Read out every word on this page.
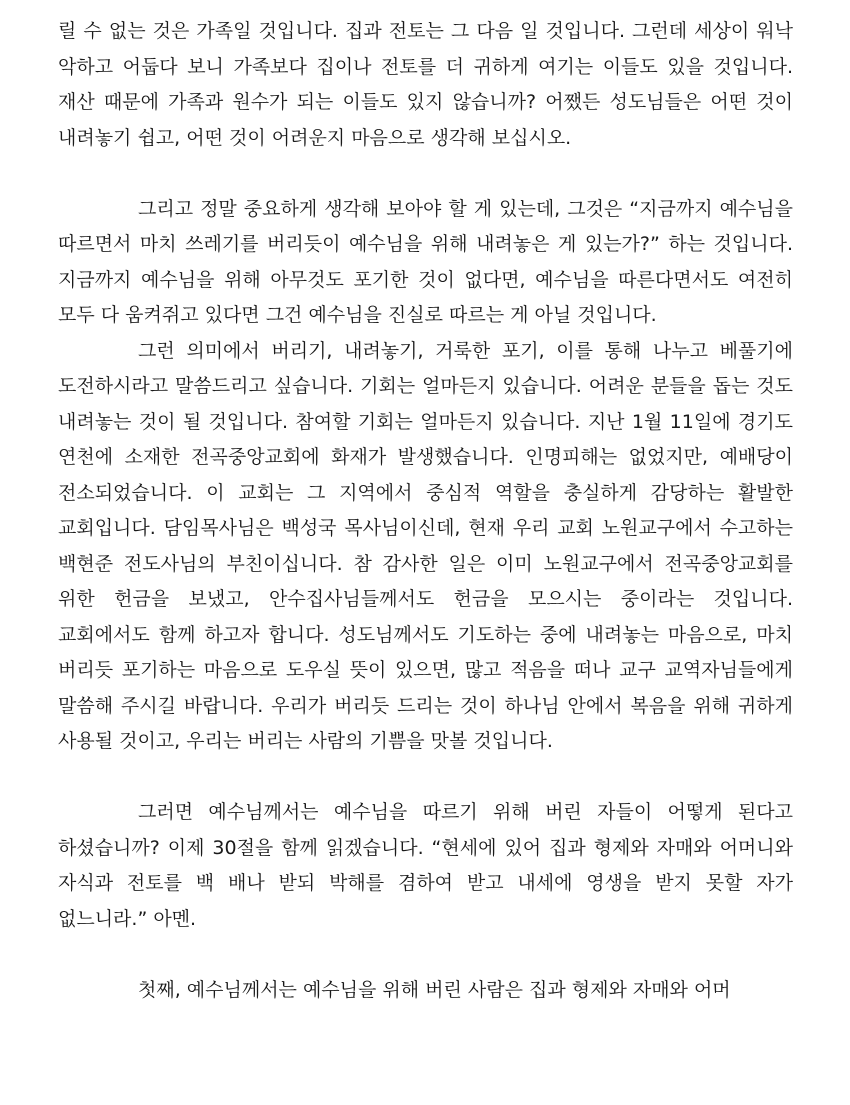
릴 수 없는 것은 가족일 것입니다. 집과 전토는 그 다음 일 것입니다. 그런데 세상이 워낙 악하고 어둡다 보니 가족보다 집이나 전토를 더 귀하게 여기는 이들도 있을 것입니다. 재산 때문에 가족과 원수가 되는 이들도 있지 않습니까? 어쨌든 성도님들은 어떤 것이 내려놓기 쉽고, 어떤 것이 어려운지 마음으로 생각해 보십시오.

그리고 정말 중요하게 생각해 보아야 할 게 있는데, 그것은 “지금까지 예수님을 따르면서 마치 쓰레기를 버리듯이 예수님을 위해 내려놓은 게 있는가?” 하는 것입니다. 지금까지 예수님을 위해 아무것도 포기한 것이 없다면, 예수님을 따른다면서도 여전히 모두 다 움켜쥐고 있다면 그건 예수님을 진실로 따르는 게 아닐 것입니다.

그런 의미에서 버리기, 내려놓기, 거룩한 포기, 이를 통해 나누고 베풀기에 도전하시라고 말씀드리고 싶습니다. 기회는 얼마든지 있습니다. 어려운 분들을 돕는 것도 내려놓는 것이 될 것입니다. 참여할 기회는 얼마든지 있습니다. 지난 1월 11일에 경기도 연천에 소재한 전곡중앙교회에 화재가 발생했습니다. 인명피해는 없었지만, 예배당이 전소되었습니다. 이 교회는 그 지역에서 중심적 역할을 충실하게 감당하는 활발한 교회입니다. 담임목사님은 백성국 목사님이신데, 현재 우리 교회 노원교구에서 수고하는 백현준 전도사님의 부친이십니다. 참 감사한 일은 이미 노원교구에서 전곡중앙교회를 위한 헌금을 보냈고, 안수집사님들께서도 헌금을 모으시는 중이라는 것입니다. 교회에서도 함께 하고자 합니다. 성도님께서도 기도하는 중에 내려놓는 마음으로, 마치 버리듯 포기하는 마음으로 도우실 뜻이 있으면, 많고 적음을 떠나 교구 교역자님들에게 말씀해 주시길 바랍니다. 우리가 버리듯 드리는 것이 하나님 안에서 복음을 위해 귀하게 사용될 것이고, 우리는 버리는 사람의 기쁨을 맛볼 것입니다.

그러면 예수님께서는 예수님을 따르기 위해 버린 자들이 어떻게 된다고 하셨습니까? 이제 30절을 함께 읽겠습니다. “현세에 있어 집과 형제와 자매와 어머니와 자식과 전토를 백 배나 받되 박해를 겸하여 받고 내세에 영생을 받지 못할 자가 없느니라.” 아멘.

첫째, 예수님께서는 예수님을 위해 버린 사람은 집과 형제와 자매와 어머
